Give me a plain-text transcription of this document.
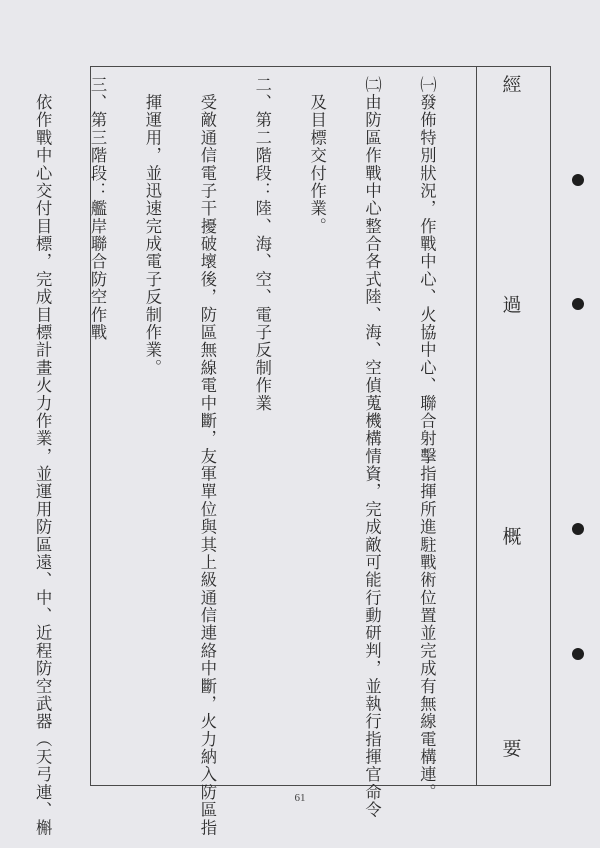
經
過
概
要

㈠發佈特別狀況，作戰中心、火協中心、聯合射擊指揮所進駐戰術位置並完成有無線電構連。

㈡由防區作戰中心整合各式陸、海、空偵蒐機構情資，完成敵可能行動研判，並執行指揮官命令

　及目標交付作業。

二、第二階段：陸、海、空、電子反制作業

　受敵通信電子干擾破壞後，防區無線電中斷，友軍單位與其上級通信連絡中斷，火力納入防區指

　揮運用，並迅速完成電子反制作業。

三、第三階段：艦岸聯合防空作戰

　依作戰中心交付目標，完成目標計畫火力作業，並運用防區遠、中、近程防空武器（天弓連、槲

	61
